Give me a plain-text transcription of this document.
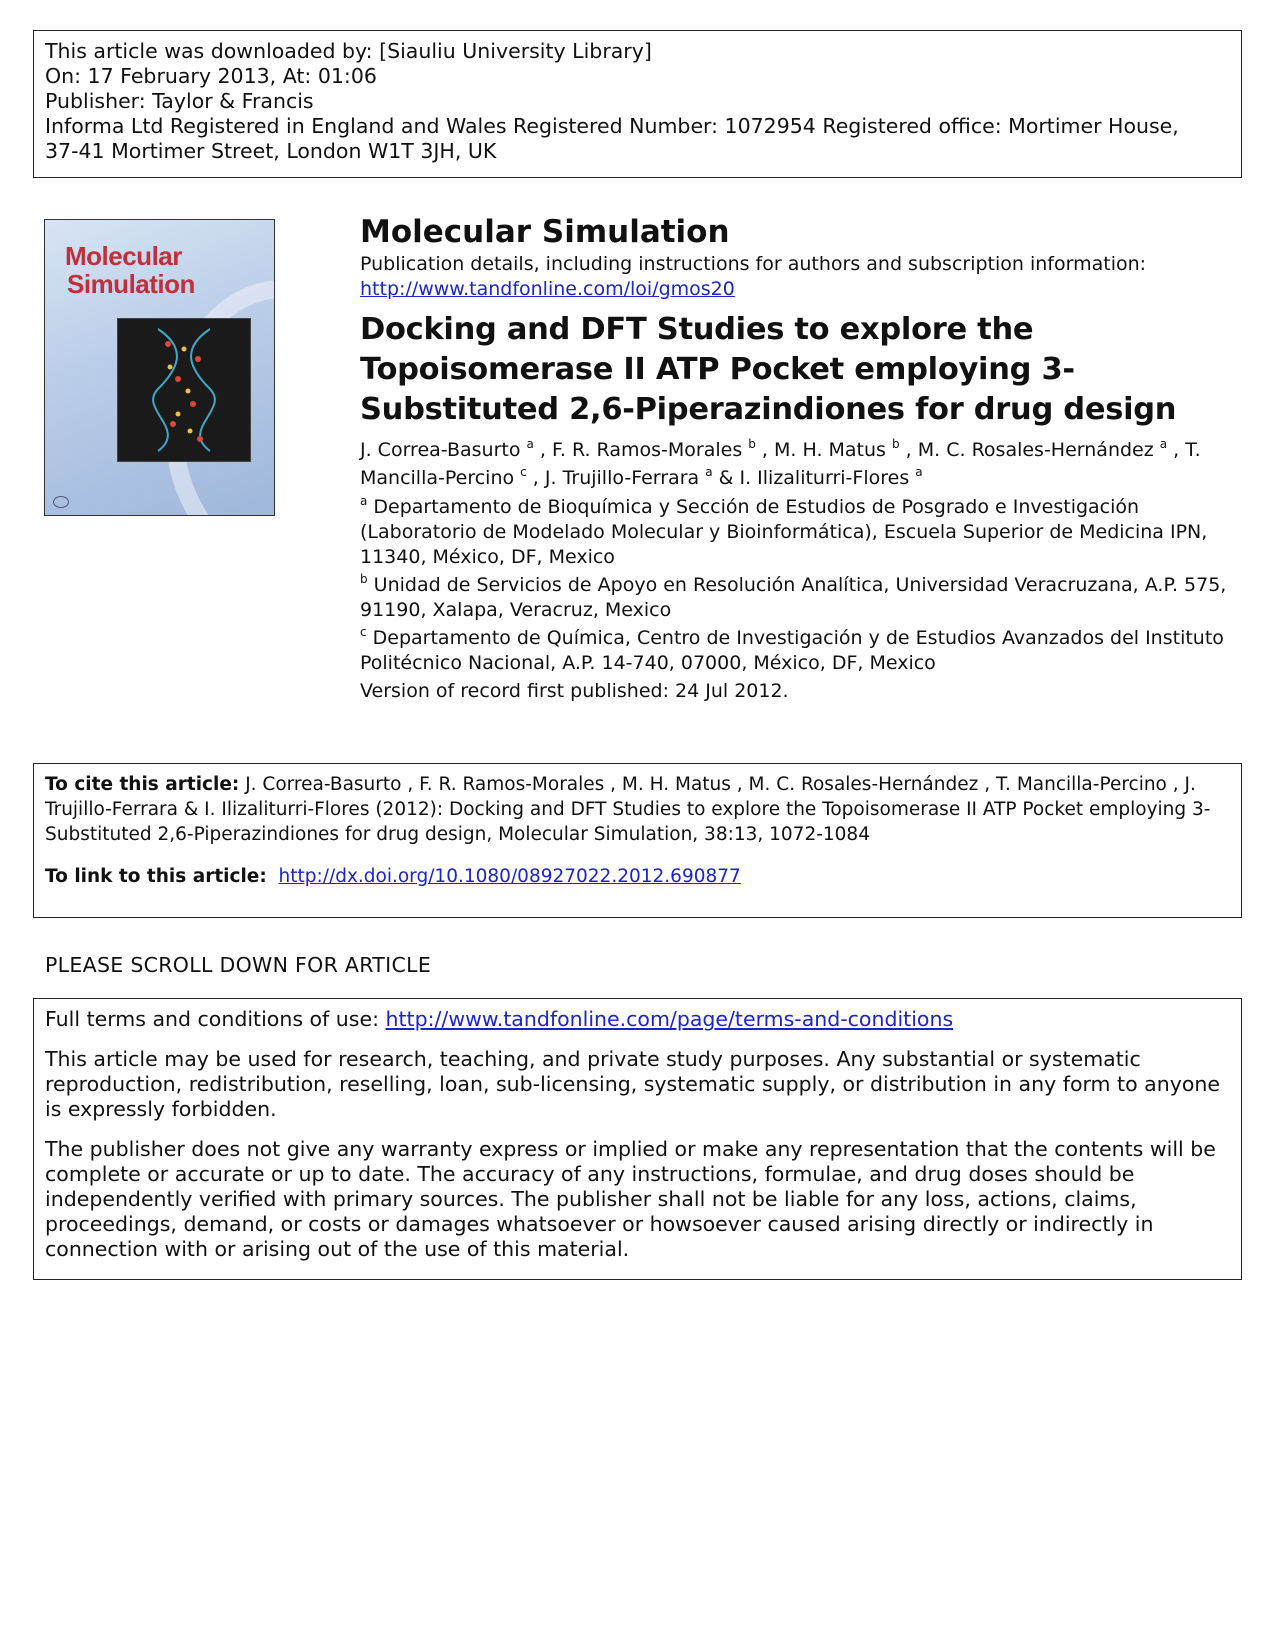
This article was downloaded by: [Siauliu University Library]
On: 17 February 2013, At: 01:06
Publisher: Taylor & Francis
Informa Ltd Registered in England and Wales Registered Number: 1072954 Registered office: Mortimer House,
37-41 Mortimer Street, London W1T 3JH, UK
Molecular
Simulation
Molecular Simulation
Publication details, including instructions for authors and subscription information:
http://www.tandfonline.com/loi/gmos20
Docking and DFT Studies to explore the Topoisomerase II ATP Pocket employing 3-Substituted 2,6-Piperazindiones for drug design
J. Correa-Basurto $^a$ , F. R. Ramos-Morales $^b$ , M. H. Matus $^b$ , M. C. Rosales-Hernández $^a$ , T. Mancilla-Percino $^c$ , J. Trujillo-Ferrara $^a$ & I. Ilizaliturri-Flores $^a$
$^a$ Departamento de Bioquímica y Sección de Estudios de Posgrado e Investigación (Laboratorio de Modelado Molecular y Bioinformática), Escuela Superior de Medicina IPN, 11340, México, DF, Mexico
$^b$ Unidad de Servicios de Apoyo en Resolución Analítica, Universidad Veracruzana, A.P. 575, 91190, Xalapa, Veracruz, Mexico
$^c$ Departamento de Química, Centro de Investigación y de Estudios Avanzados del Instituto Politécnico Nacional, A.P. 14-740, 07000, México, DF, Mexico
Version of record first published: 24 Jul 2012.
To cite this article: J. Correa-Basurto , F. R. Ramos-Morales , M. H. Matus , M. C. Rosales-Hernández , T. Mancilla-Percino , J. Trujillo-Ferrara & I. Ilizaliturri-Flores (2012): Docking and DFT Studies to explore the Topoisomerase II ATP Pocket employing 3-Substituted 2,6-Piperazindiones for drug design, Molecular Simulation, 38:13, 1072-1084
To link to this article: http://dx.doi.org/10.1080/08927022.2012.690877
PLEASE SCROLL DOWN FOR ARTICLE

Full terms and conditions of use: http://www.tandfonline.com/page/terms-and-conditions

This article may be used for research, teaching, and private study purposes. Any substantial or systematic reproduction, redistribution, reselling, loan, sub-licensing, systematic supply, or distribution in any form to anyone is expressly forbidden.

The publisher does not give any warranty express or implied or make any representation that the contents will be complete or accurate or up to date. The accuracy of any instructions, formulae, and drug doses should be independently verified with primary sources. The publisher shall not be liable for any loss, actions, claims, proceedings, demand, or costs or damages whatsoever or howsoever caused arising directly or indirectly in connection with or arising out of the use of this material.
